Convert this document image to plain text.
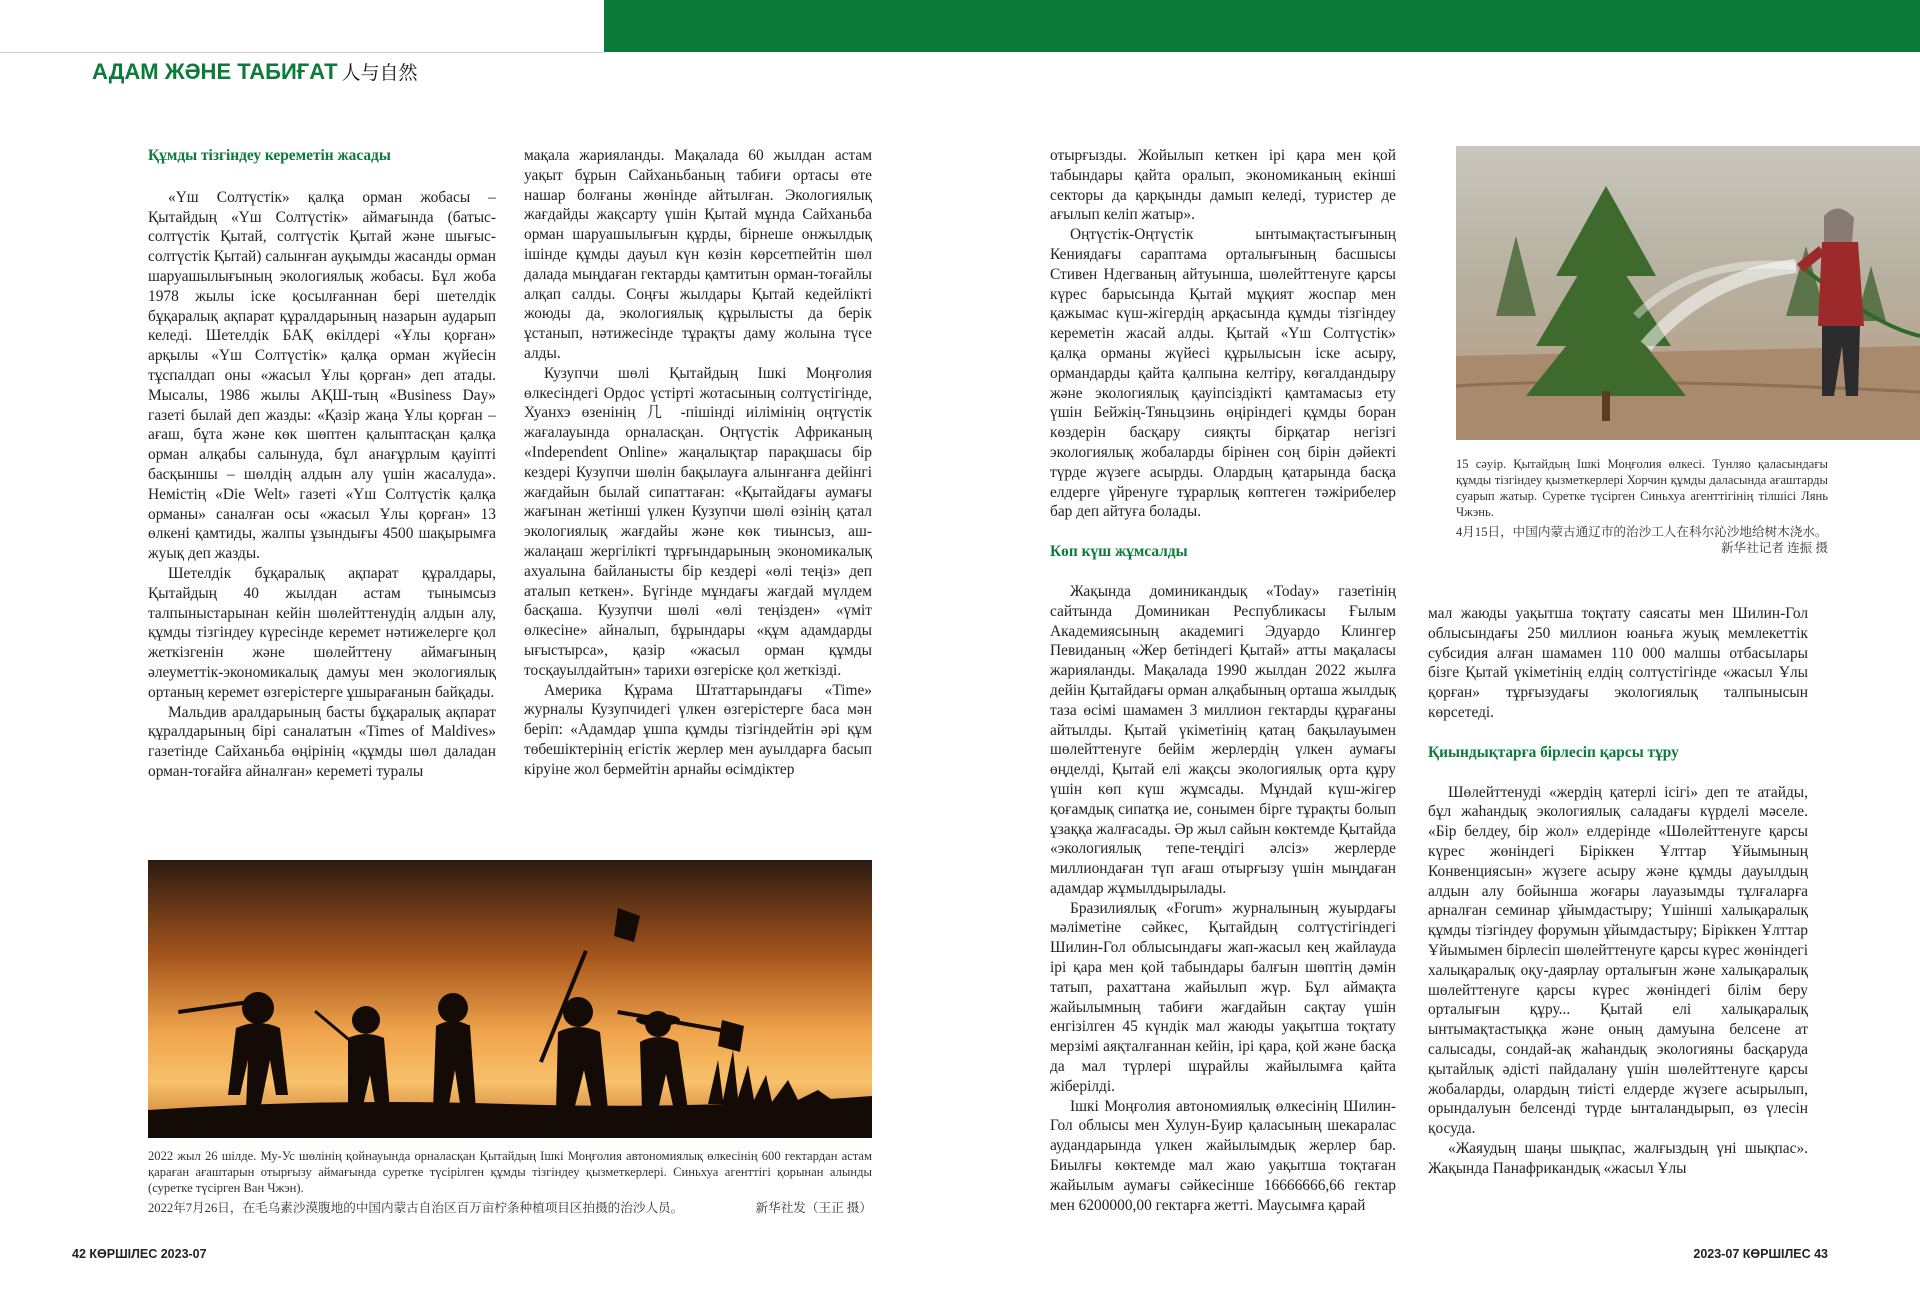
АДАМ ЖӘНЕ ТАБИҒАТ 人与自然

Құмды тізгіндеу кереметін жасады

«Үш Солтүстік» қалқа орман жобасы – Қытайдың «Үш Солтүстік» аймағында (батыс-солтүстік Қытай, солтүстік Қытай және шығыс-солтүстік Қытай) салынған ауқымды жасанды орман шаруашылығының экологиялық жобасы. Бұл жоба 1978 жылы іске қосылғаннан бері шетелдік бұқаралық ақпарат құралдарының назарын аударып келеді. Шетелдік БАҚ өкілдері «Ұлы қорған» арқылы «Үш Солтүстік» қалқа орман жүйесін тұспалдап оны «жасыл Ұлы қорған» деп атады. Мысалы, 1986 жылы АҚШ-тың «Business Day» газеті былай деп жазды: «Қазір жаңа Ұлы қорған – ағаш, бұта және көк шөптен қалыптасқан қалқа орман алқабы салынуда, бұл анағұрлым қауіпті басқыншы – шөлдің алдын алу үшін жасалуда». Немістің «Die Welt» газеті «Үш Солтүстік қалқа орманы» саналған осы «жасыл Ұлы қорған» 13 өлкені қамтиды, жалпы ұзындығы 4500 шақырымға жуық деп жазды.

Шетелдік бұқаралық ақпарат құралдары, Қытайдың 40 жылдан астам тынымсыз талпыныстарынан кейін шөлейттенудің алдын алу, құмды тізгіндеу күресінде керемет нәтижелерге қол жеткізгенін және шөлейттену аймағының әлеуметтік-экономикалық дамуы мен экологиялық ортаның керемет өзгерістерге ұшырағанын байқады.

Мальдив аралдарының басты бұқаралық ақпарат құралдарының бірі саналатын «Times of Maldives» газетінде Сайханьба өңірінің «құмды шөл даладан орман-тоғайға айналған» кереметі туралы

мақала жарияланды. Мақалада 60 жылдан астам уақыт бұрын Сайханьбаның табиғи ортасы өте нашар болғаны жөнінде айтылған. Экологиялық жағдайды жақсарту үшін Қытай мұнда Сайханьба орман шаруашылығын құрды, бірнеше онжылдық ішінде құмды дауыл күн көзін көрсетпейтін шөл далада мыңдаған гектарды қамтитын орман-тоғайлы алқап салды. Соңғы жылдары Қытай кедейлікті жоюды да, экологиялық құрылысты да берік ұстанып, нәтижесінде тұрақты даму жолына түсе алды.

Кузупчи шөлі Қытайдың Ішкі Моңғолия өлкесіндегі Ордос үстірті жотасының солтүстігінде, Хуанхэ өзенінің 几 -пішінді иілімінің оңтүстік жағалауында орналасқан. Оңтүстік Африканың «Independent Online» жаңалықтар парақшасы бір кездері Кузупчи шөлін бақылауға алынғанға дейінгі жағдайын былай сипаттаған: «Қытайдағы аумағы жағынан жетінші үлкен Кузупчи шөлі өзінің қатал экологиялық жағдайы және көк тиынсыз, аш-жалаңаш жергілікті тұрғындарының экономикалық ахуалына байланысты бір кездері «өлі теңіз» деп аталып кеткен». Бүгінде мұндағы жағдай мүлдем басқаша. Кузупчи шөлі «өлі теңізден» «үміт өлкесіне» айналып, бұрындары «құм адамдарды ығыстырса», қазір «жасыл орман құмды тосқауылдайтын» тарихи өзгеріске қол жеткізді.

Америка Құрама Штаттарындағы «Time» журналы Кузупчидегі үлкен өзгерістерге баса мән беріп: «Адамдар ұшпа құмды тізгіндейтін әрі құм төбешіктерінің егістік жерлер мен ауылдарға басып кіруіне жол бермейтін арнайы өсімдіктер

2022 жыл 26 шілде. Му-Ус шөлінің қойнауында орналасқан Қытайдың Ішкі Моңғолия автономиялық өлкесінің 600 гектардан астам қараған ағаштарын отырғызу аймағында суретке түсірілген құмды тізгіндеу қызметкерлері. Синьхуа агенттігі қорынан алынды (суретке түсірген Ван Чжэн).
2022年7月26日，在毛乌素沙漠腹地的中国内蒙古自治区百万亩柠条种植项目区拍摄的治沙人员。	新华社发（王正 摄）
42 КӨРШІЛЕС 2023-07

отырғызды. Жойылып кеткен ірі қара мен қой табындары қайта оралып, экономиканың екінші секторы да қарқынды дамып келеді, туристер де ағылып келіп жатыр».

Оңтүстік-Оңтүстік ынтымақтастығының Кениядағы сараптама орталығының басшысы Стивен Ндегваның айтуынша, шөлейттенуге қарсы күрес барысында Қытай мұқият жоспар мен қажымас күш-жігердің арқасында құмды тізгіндеу кереметін жасай алды. Қытай «Үш Солтүстік» қалқа орманы жүйесі құрылысын іске асыру, ормандарды қайта қалпына келтіру, көгалдандыру және экологиялық қауіпсіздікті қамтамасыз ету үшін Бейжің-Тяньцзинь өңіріндегі құмды боран көздерін басқару сияқты бірқатар негізгі экологиялық жобаларды бірінен соң бірін дәйекті түрде жүзеге асырды. Олардың қатарында басқа елдерге үйренуге тұрарлық көптеген тәжірибелер бар деп айтуға болады.

Көп күш жұмсалды

Жақында доминикандық «Today» газетінің сайтында Доминикан Республикасы Ғылым Академиясының академигі Эдуардо Клингер Певиданың «Жер бетіндегі Қытай» атты мақаласы жарияланды. Мақалада 1990 жылдан 2022 жылға дейін Қытайдағы орман алқабының орташа жылдық таза өсімі шамамен 3 миллион гектарды құрағаны айтылды. Қытай үкіметінің қатаң бақылауымен шөлейттенуге бейім жерлердің үлкен аумағы өңделді, Қытай елі жақсы экологиялық орта құру үшін көп күш жұмсады. Мұндай күш-жігер қоғамдық сипатқа ие, сонымен бірге тұрақты болып ұзаққа жалғасады. Әр жыл сайын көктемде Қытайда «экологиялық тепе-теңдігі әлсіз» жерлерде миллиондаған түп ағаш отырғызу үшін мыңдаған адамдар жұмылдырылады.

Бразилиялық «Forum» журналының жуырдағы мәліметіне сәйкес, Қытайдың солтүстігіндегі Шилин-Гол облысындағы жап-жасыл кең жайлауда ірі қара мен қой табындары балғын шөптің дәмін татып, рахаттана жайылып жүр. Бұл аймақта жайылымның табиғи жағдайын сақтау үшін енгізілген 45 күндік мал жаюды уақытша тоқтату мерзімі аяқталғаннан кейін, ірі қара, қой және басқа да мал түрлері шұрайлы жайылымға қайта жіберілді.

Ішкі Моңғолия автономиялық өлкесінің Шилин-Гол облысы мен Хулун-Буир қаласының шекаралас аудандарында үлкен жайылымдық жерлер бар. Биылғы көктемде мал жаю уақытша тоқтаған жайылым аумағы сәйкесінше 16666666,66 гектар мен 6200000,00 гектарға жетті. Маусымға қарай

15 сәуір. Қытайдың Ішкі Моңғолия өлкесі. Тунляо қаласындағы құмды тізгіндеу қызметкерлері Хорчин құмды даласында ағаштарды суарып жатыр. Суретке түсірген Синьхуа агенттігінің тілшісі Лянь Чжэнь.
4月15日，中国内蒙古通辽市的治沙工人在科尔沁沙地给树木浇水。
新华社记者 连振 摄

мал жаюды уақытша тоқтату саясаты мен Шилин-Гол облысындағы 250 миллион юаньға жуық мемлекеттік субсидия алған шамамен 110 000 малшы отбасылары бізге Қытай үкіметінің елдің солтүстігінде «жасыл Ұлы қорған» тұрғызудағы экологиялық талпынысын көрсетеді.

Қиындықтарға бірлесіп қарсы тұру

Шөлейттенуді «жердің қатерлі ісігі» деп те атайды, бұл жаһандық экологиялық саладағы күрделі мәселе. «Бір белдеу, бір жол» елдерінде «Шөлейттенуге қарсы күрес жөніндегі Біріккен Ұлттар Ұйымының Конвенциясын» жүзеге асыру және құмды дауылдың алдын алу бойынша жоғары лауазымды тұлғаларға арналған семинар ұйымдастыру; Үшінші халықаралық құмды тізгіндеу форумын ұйымдастыру; Біріккен Ұлттар Ұйымымен бірлесіп шөлейттенуге қарсы күрес жөніндегі халықаралық оқу-даярлау орталығын және халықаралық шөлейттенуге қарсы күрес жөніндегі білім беру орталығын құру... Қытай елі халықаралық ынтымақтастыққа және оның дамуына белсене ат салысады, сондай-ақ жаһандық экологияны басқаруда қытайлық әдісті пайдалану үшін шөлейттенуге қарсы жобаларды, олардың тиісті елдерде жүзеге асырылып, орындалуын белсенді түрде ынталандырып, өз үлесін қосуда.

«Жаяудың шаңы шықпас, жалғыздың үні шықпас». Жақында Панафрикандық «жасыл Ұлы

2023-07 КӨРШІЛЕС 43
